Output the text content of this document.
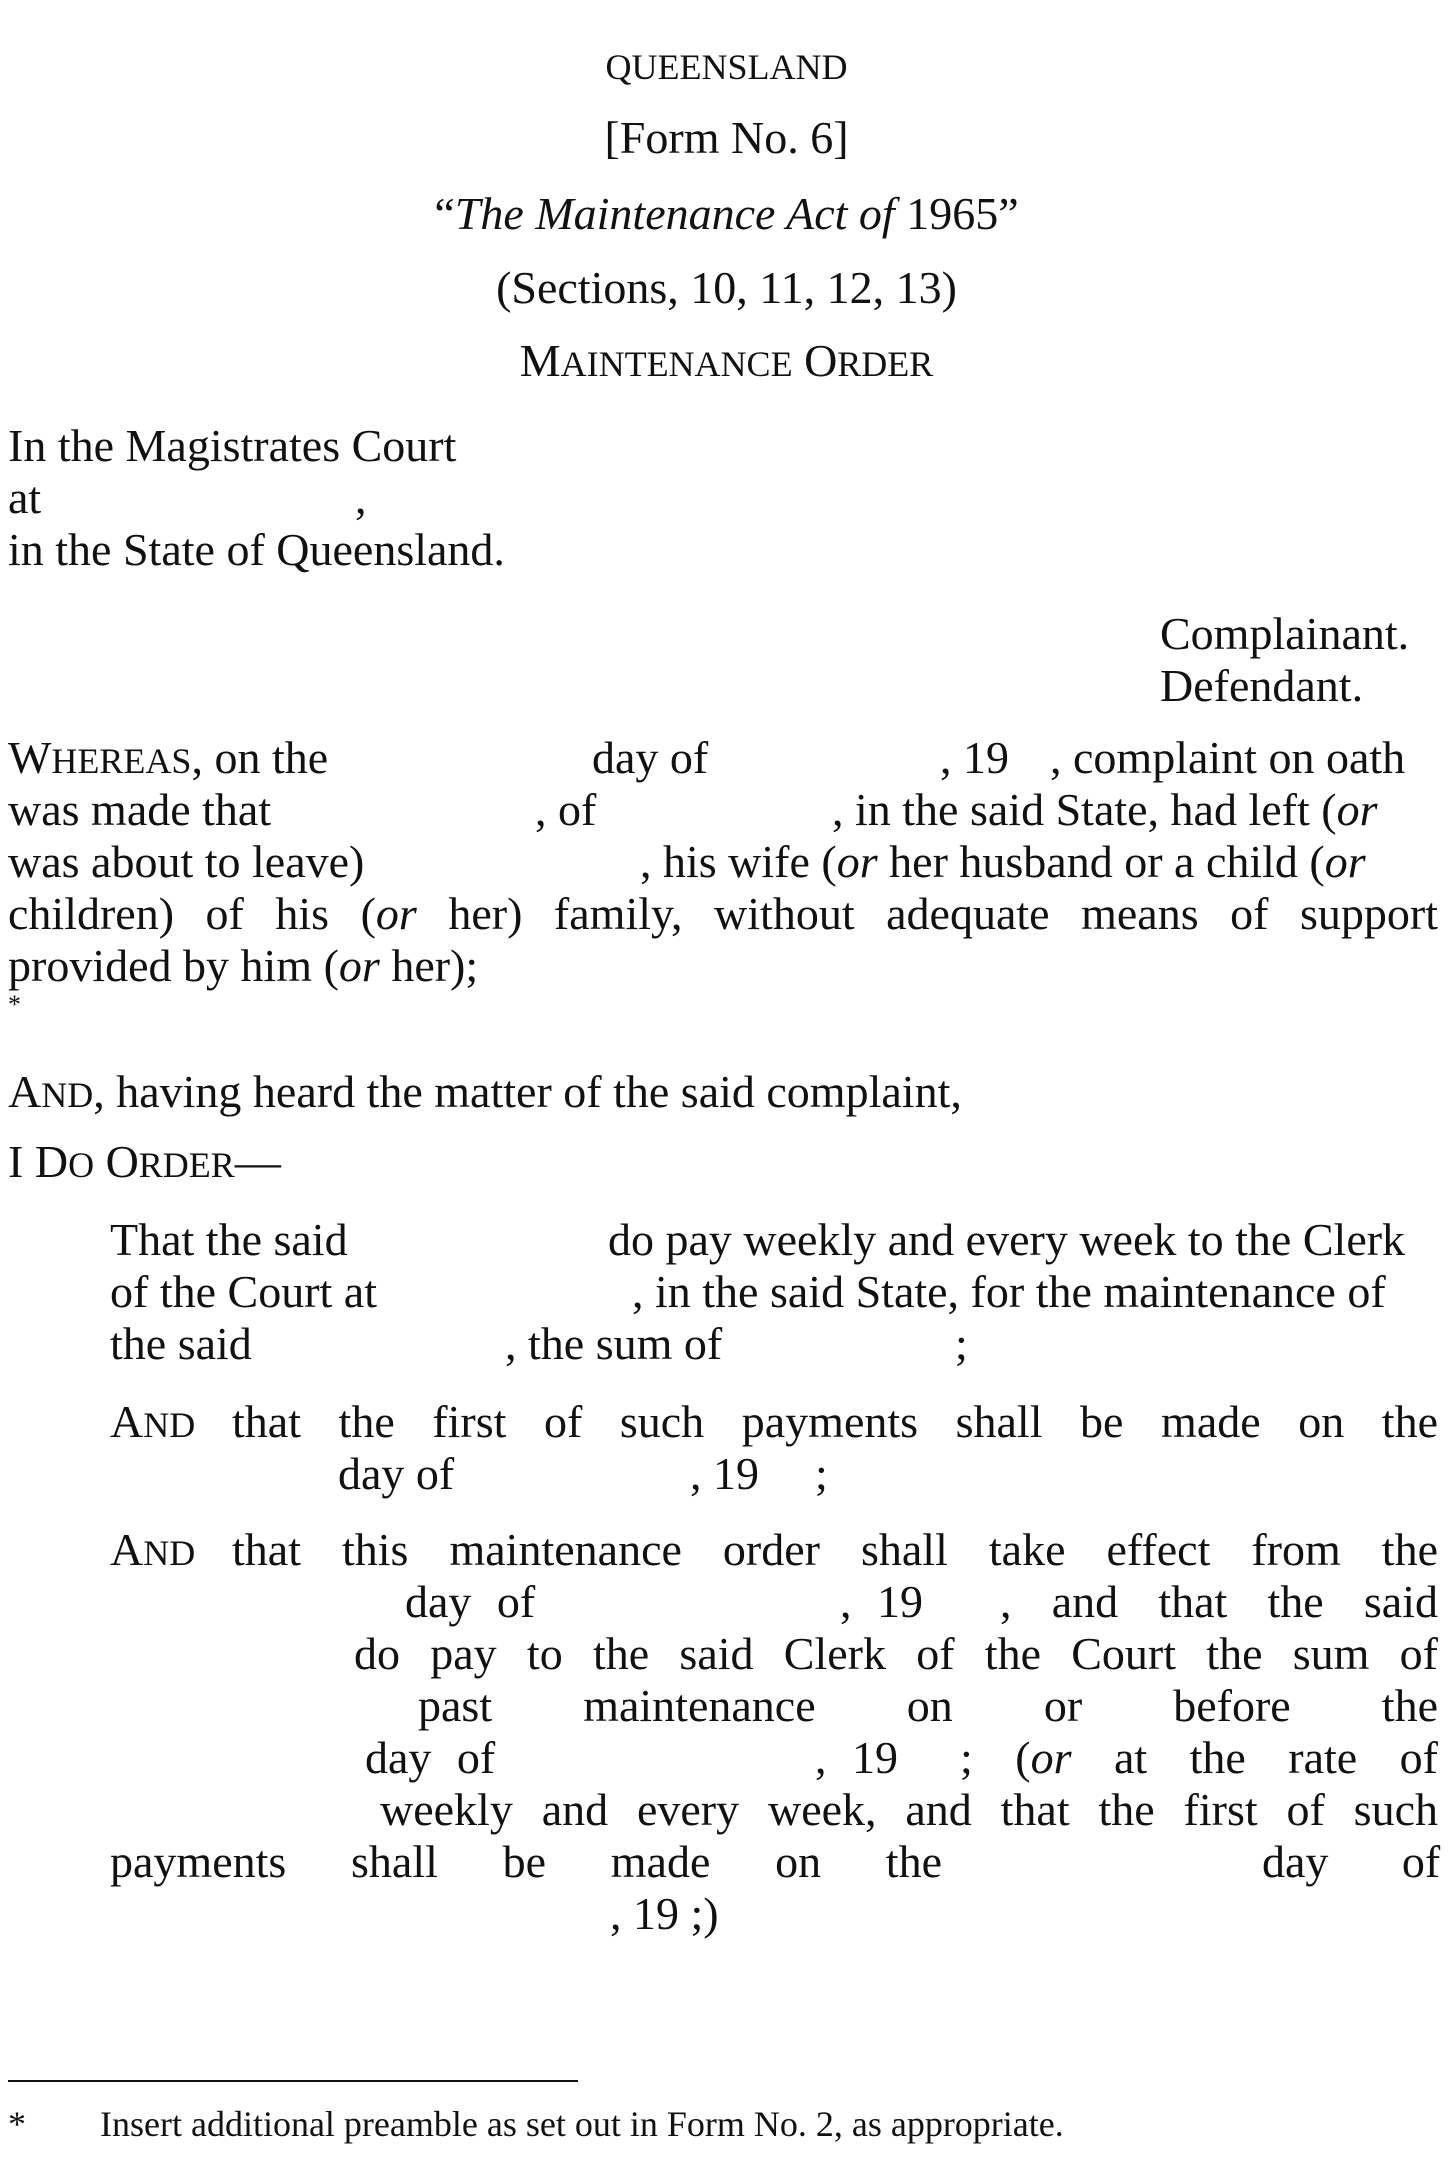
QUEENSLAND
[Form No. 6]
“The Maintenance Act of 1965”
(Sections, 10, 11, 12, 13)
MAINTENANCE ORDER
In the Magistrates Court
at	,
in the State of Queensland.
Complainant.
Defendant.
WHEREAS, on the	day of	, 19 , complaint on oath
was made that	, of	, in the said State, had left (or
was about to leave)	, his wife (or her husband or a child (or
children) of his (or her) family, without adequate means of support
provided by him (or her);
*
AND, having heard the matter of the said complaint,
I DO ORDER—
That the said	do pay weekly and every week to the Clerk
of the Court at	, in the said State, for the maintenance of
the said	, the sum of	;
AND that the first of such payments shall be made on the
day of	, 19 ;
AND that this maintenance order shall take effect from the
day of	, 19 , and that the said
do pay to the said Clerk of the Court the sum of
past maintenance on or before the
day of	, 19 ; (or at the rate of
weekly and every week, and that the first of such
payments shall be made on the	day of
, 19 ;)
* Insert additional preamble as set out in Form No. 2, as appropriate.
